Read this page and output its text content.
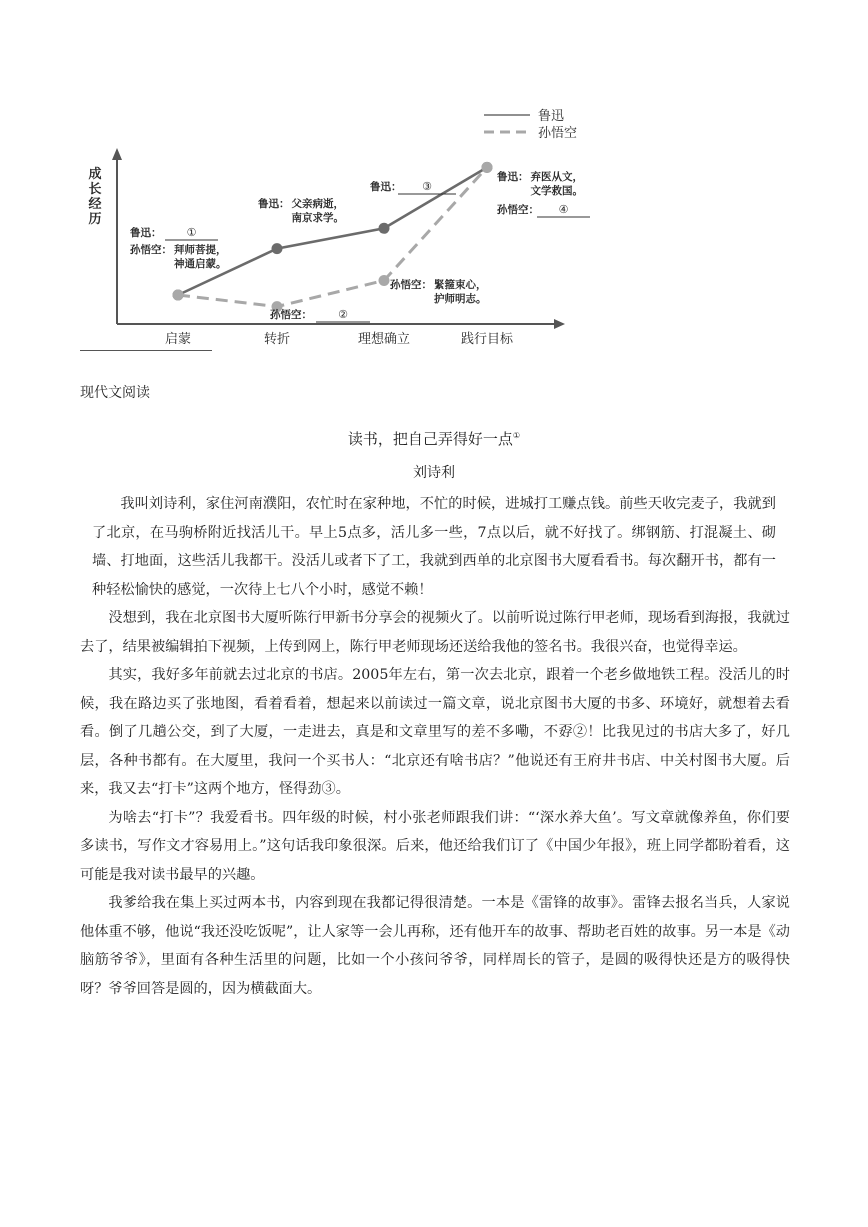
成
长
经
历
启蒙	转折	理想确立	践行目标
鲁迅
孙悟空
鲁迅： ①
孙悟空： 拜师菩提，
神通启蒙。
鲁迅： 父亲病逝，
南京求学。
孙悟空： ②
鲁迅： ③
孙悟空： 緊箍束心，
护师明志。
鲁迅： 弃医从文，
文学救国。
孙悟空： ④
现代文阅读
读书，把自己弄得好一点①
刘诗利

我叫刘诗利，家住河南濮阳，农忙时在家种地，不忙的时候，进城打工赚点钱。前些天收完麦子，我就到了北京，在马驹桥附近找活儿干。早上5点多，活儿多一些，7点以后，就不好找了。绑钢筋、打混凝土、砌墙、打地面，这些活儿我都干。没活儿或者下了工，我就到西单的北京图书大厦看看书。每次翻开书，都有一种轻松愉快的感觉，一次待上七八个小时，感觉不赖！

没想到，我在北京图书大厦听陈行甲新书分享会的视频火了。以前听说过陈行甲老师，现场看到海报，我就过去了，结果被编辑拍下视频，上传到网上，陈行甲老师现场还送给我他的签名书。我很兴奋，也觉得幸运。

其实，我好多年前就去过北京的书店。2005年左右，第一次去北京，跟着一个老乡做地铁工程。没活儿的时候，我在路边买了张地图，看着看着，想起来以前读过一篇文章，说北京图书大厦的书多、环境好，就想着去看看。倒了几趟公交，到了大厦，一走进去，真是和文章里写的差不多嘞，不孬②！比我见过的书店大多了，好几层，各种书都有。在大厦里，我问一个买书人：“北京还有啥书店？”他说还有王府井书店、中关村图书大厦。后来，我又去“打卡”这两个地方，怪得劲③。

为啥去“打卡”？我爱看书。四年级的时候，村小张老师跟我们讲：“‘深水养大鱼’。写文章就像养鱼，你们要多读书，写作文才容易用上。”这句话我印象很深。后来，他还给我们订了《中国少年报》，班上同学都盼着看，这可能是我对读书最早的兴趣。

我爹给我在集上买过两本书，内容到现在我都记得很清楚。一本是《雷锋的故事》。雷锋去报名当兵，人家说他体重不够，他说“我还没吃饭呢”，让人家等一会儿再称，还有他开车的故事、帮助老百姓的故事。另一本是《动脑筋爷爷》，里面有各种生活里的问题，比如一个小孩问爷爷，同样周长的管子，是圆的吸得快还是方的吸得快呀？爷爷回答是圆的，因为横截面大。
